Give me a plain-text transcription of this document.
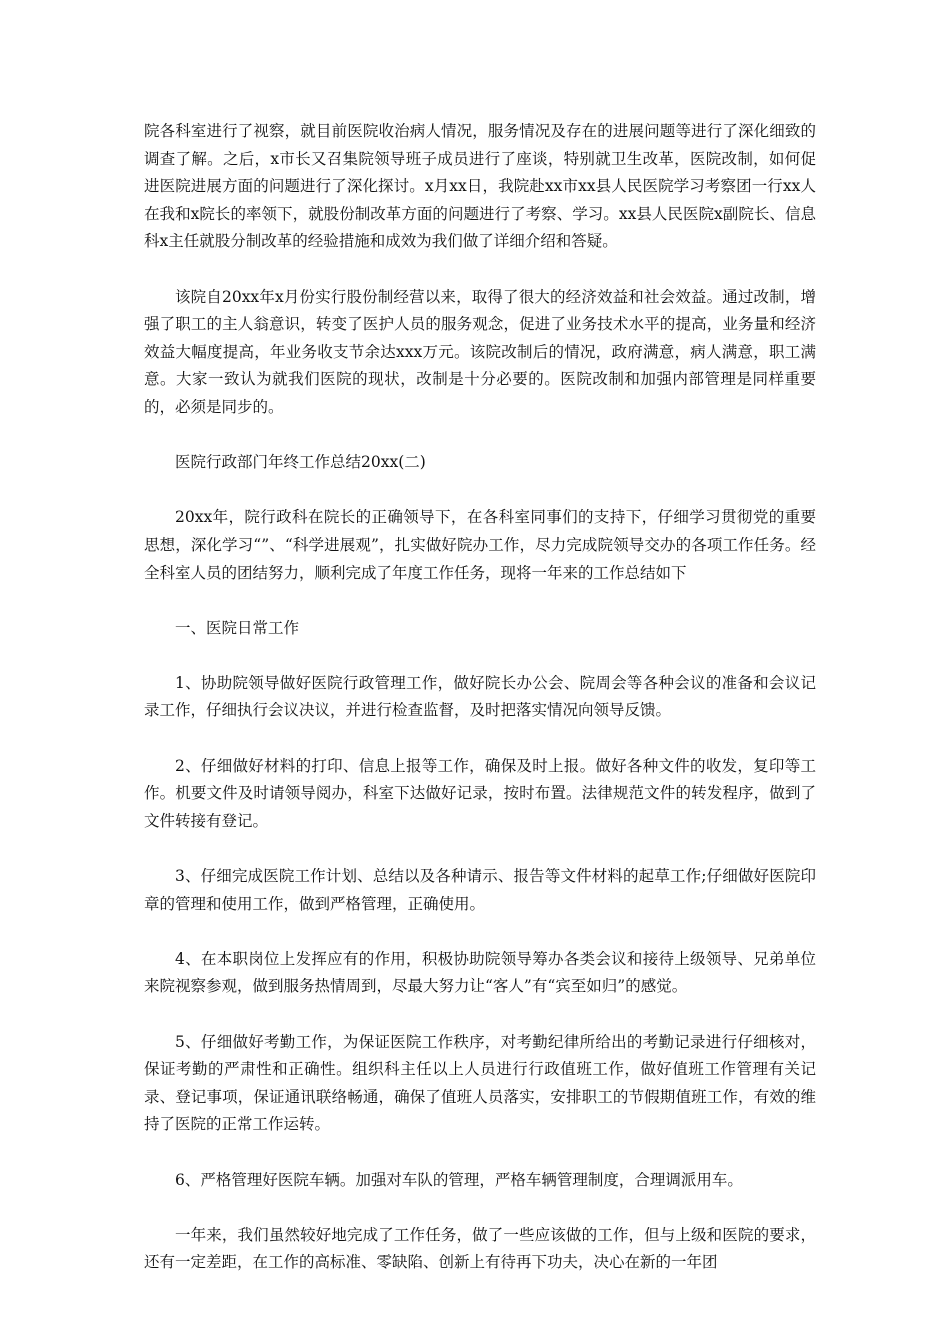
院各科室进行了视察，就目前医院收治病人情况，服务情况及存在的进展问题等进行了深化细致的调查了解。之后，x市长又召集院领导班子成员进行了座谈，特别就卫生改革，医院改制，如何促进医院进展方面的问题进行了深化探讨。x月xx日，我院赴xx市xx县人民医院学习考察团一行xx人在我和x院长的率领下，就股份制改革方面的问题进行了考察、学习。xx县人民医院x副院长、信息科x主任就股分制改革的经验措施和成效为我们做了详细介绍和答疑。

该院自20xx年x月份实行股份制经营以来，取得了很大的经济效益和社会效益。通过改制，增强了职工的主人翁意识，转变了医护人员的服务观念，促进了业务技术水平的提高，业务量和经济效益大幅度提高，年业务收支节余达xxx万元。该院改制后的情况，政府满意，病人满意，职工满意。大家一致认为就我们医院的现状，改制是十分必要的。医院改制和加强内部管理是同样重要的，必须是同步的。

医院行政部门年终工作总结20xx(二)

20xx年，院行政科在院长的正确领导下，在各科室同事们的支持下，仔细学习贯彻党的重要思想，深化学习“”、“科学进展观”，扎实做好院办工作，尽力完成院领导交办的各项工作任务。经全科室人员的团结努力，顺利完成了年度工作任务，现将一年来的工作总结如下

一、医院日常工作

1、协助院领导做好医院行政管理工作，做好院长办公会、院周会等各种会议的准备和会议记录工作，仔细执行会议决议，并进行检查监督，及时把落实情况向领导反馈。

2、仔细做好材料的打印、信息上报等工作，确保及时上报。做好各种文件的收发，复印等工作。机要文件及时请领导阅办，科室下达做好记录，按时布置。法律规范文件的转发程序，做到了文件转接有登记。

3、仔细完成医院工作计划、总结以及各种请示、报告等文件材料的起草工作;仔细做好医院印章的管理和使用工作，做到严格管理，正确使用。

4、在本职岗位上发挥应有的作用，积极协助院领导筹办各类会议和接待上级领导、兄弟单位来院视察参观，做到服务热情周到，尽最大努力让“客人”有“宾至如归”的感觉。

5、仔细做好考勤工作，为保证医院工作秩序，对考勤纪律所给出的考勤记录进行仔细核对，保证考勤的严肃性和正确性。组织科主任以上人员进行行政值班工作，做好值班工作管理有关记录、登记事项，保证通讯联络畅通，确保了值班人员落实，安排职工的节假期值班工作，有效的维持了医院的正常工作运转。

6、严格管理好医院车辆。加强对车队的管理，严格车辆管理制度，合理调派用车。

一年来，我们虽然较好地完成了工作任务，做了一些应该做的工作，但与上级和医院的要求，还有一定差距，在工作的高标准、零缺陷、创新上有待再下功夫，决心在新的一年团
